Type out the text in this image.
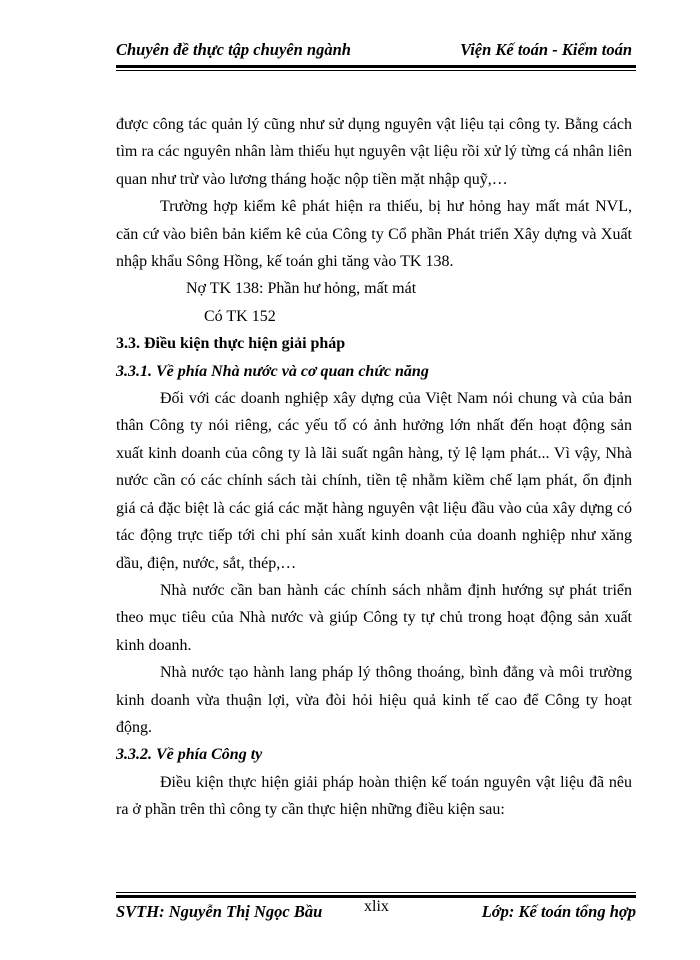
Chuyên đề thực tập chuyên ngành	Viện Kế toán - Kiểm toán

được công tác quản lý cũng như sử dụng nguyên vật liệu tại công ty. Bằng cách tìm ra các nguyên nhân làm thiếu hụt nguyên vật liệu rồi xử lý từng cá nhân liên quan như trừ vào lương tháng hoặc nộp tiền mặt nhập quỹ,…

Trường hợp kiểm kê phát hiện ra thiếu, bị hư hỏng hay mất mát NVL, căn cứ vào biên bản kiểm kê của Công ty Cổ phần Phát triển Xây dựng và Xuất nhập khẩu Sông Hồng, kế toán ghi tăng vào TK 138.

Nợ TK 138: Phần hư hỏng, mất mát

Có TK 152

3.3. Điều kiện thực hiện giải pháp

3.3.1. Về phía Nhà nước và cơ quan chức năng

Đối với các doanh nghiệp xây dựng của Việt Nam nói chung và của bản thân Công ty nói riêng, các yếu tố có ảnh hưởng lớn nhất đến hoạt động sản xuất kinh doanh của công ty là lãi suất ngân hàng, tỷ lệ lạm phát... Vì vậy, Nhà nước cần có các chính sách tài chính, tiền tệ nhằm kiềm chế lạm phát, ổn định giá cả đặc biệt là các giá các mặt hàng nguyên vật liệu đầu vào của xây dựng có tác động trực tiếp tới chi phí sản xuất kinh doanh của doanh nghiệp như xăng dầu, điện, nước, sắt, thép,…

Nhà nước cần ban hành các chính sách nhằm định hướng sự phát triển theo mục tiêu của Nhà nước và giúp Công ty tự chủ trong hoạt động sản xuất kinh doanh.

Nhà nước tạo hành lang pháp lý thông thoáng, bình đẳng và môi trường kinh doanh vừa thuận lợi, vừa đòi hỏi hiệu quả kinh tế cao để Công ty hoạt động.

3.3.2. Về phía Công ty

Điều kiện thực hiện giải pháp hoàn thiện kế toán nguyên vật liệu đã nêu ra ở phần trên thì công ty cần thực hiện những điều kiện sau:

SVTH: Nguyễn Thị Ngọc Bầu	xlix	Lớp: Kế toán tổng hợp
